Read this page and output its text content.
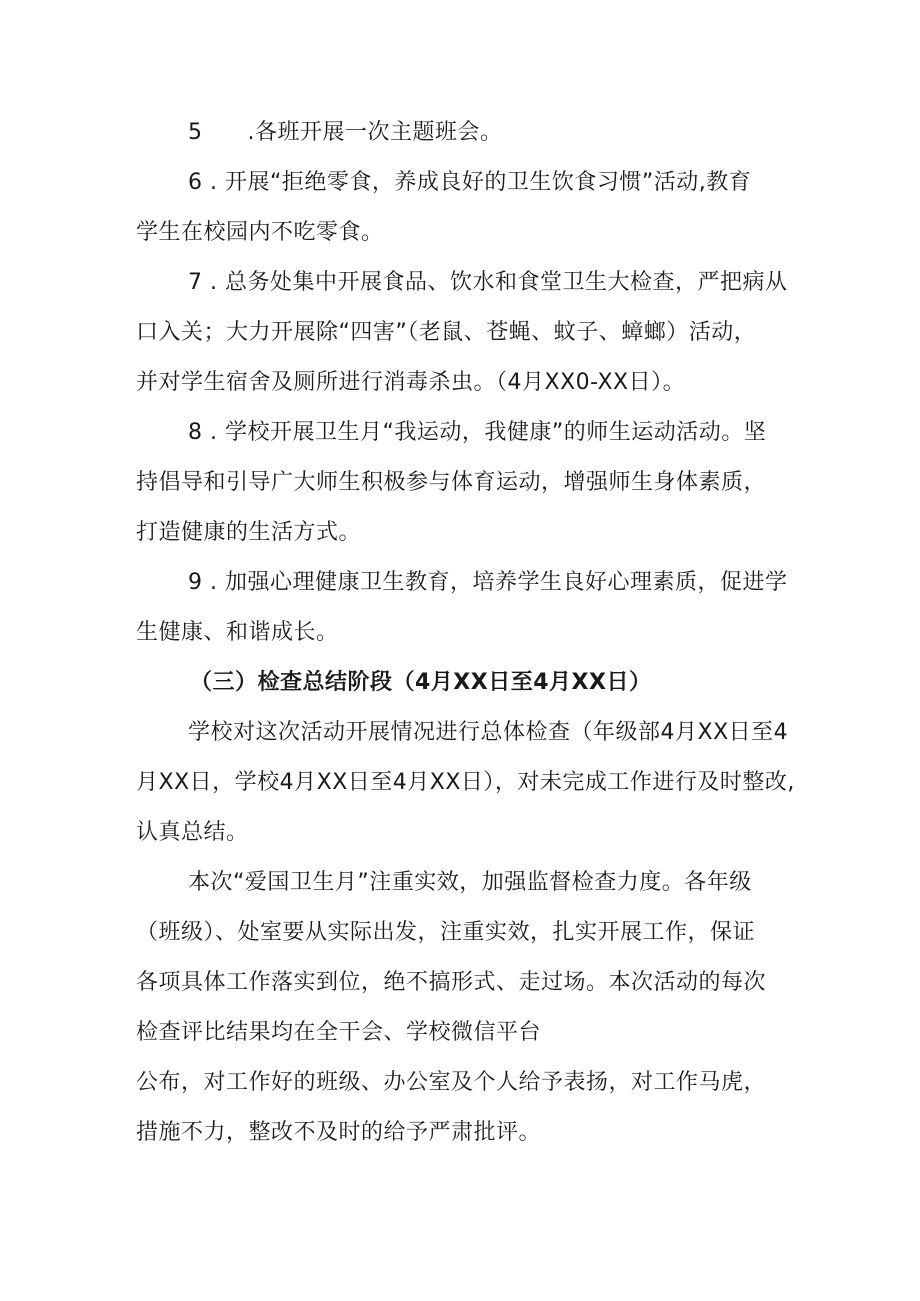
5　　.各班开展一次主题班会。
6 . 开展“拒绝零食，养成良好的卫生饮食习惯”活动,教育
学生在校园内不吃零食。
7 . 总务处集中开展食品、饮水和食堂卫生大检查，严把病从
口入关；大力开展除“四害”（老鼠、苍蝇、蚊子、蟑螂）活动，
并对学生宿舍及厕所进行消毒杀虫。（4月XX0-XX日）。
8 . 学校开展卫生月“我运动，我健康”的师生运动活动。坚
持倡导和引导广大师生积极参与体育运动，增强师生身体素质，
打造健康的生活方式。
9 . 加强心理健康卫生教育，培养学生良好心理素质，促进学
生健康、和谐成长。
（三）检查总结阶段（4月XX日至4月XX日）
学校对这次活动开展情况进行总体检查（年级部4月XX日至4
月XX日，学校4月XX日至4月XX日），对未完成工作进行及时整改,
认真总结。
本次“爱国卫生月”注重实效，加强监督检查力度。各年级
（班级）、处室要从实际出发，注重实效，扎实开展工作，保证
各项具体工作落实到位，绝不搞形式、走过场。本次活动的每次
检查评比结果均在全干会、学校微信平台
公布，对工作好的班级、办公室及个人给予表扬，对工作马虎，
措施不力，整改不及时的给予严肃批评。
